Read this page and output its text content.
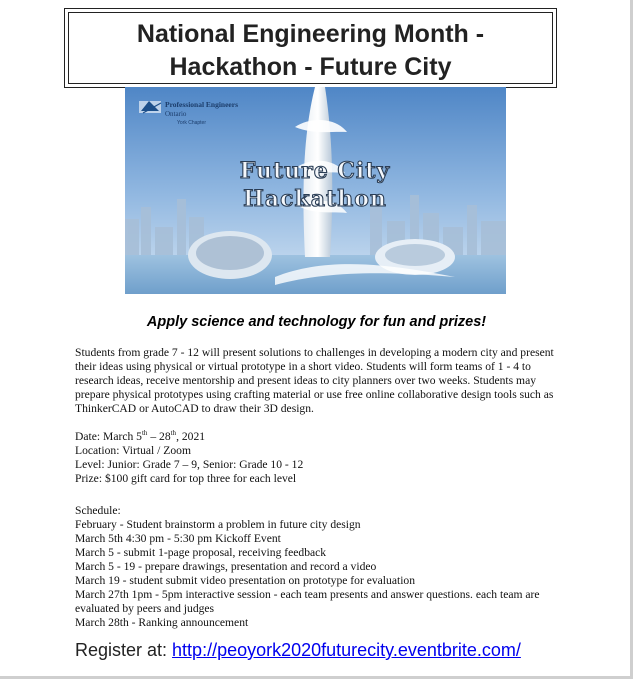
National Engineering Month -
Hackathon - Future City
Professional Engineers
Ontario
York Chapter
Future City
Hackathon
Apply science and technology for fun and prizes!

Students from grade 7 - 12 will present solutions to challenges in developing a modern city and present their ideas using physical or virtual prototype in a short video. Students will form teams of 1 - 4 to research ideas, receive mentorship and present ideas to city planners over two weeks. Students may prepare physical prototypes using crafting material or use free online collaborative design tools such as ThinkerCAD or AutoCAD to draw their 3D design.

Date: March 5th – 28th, 2021
Location: Virtual / Zoom
Level: Junior: Grade 7 – 9, Senior: Grade 10 - 12
Prize: $100 gift card for top three for each level
Schedule:
February - Student brainstorm a problem in future city design
March 5th 4:30 pm - 5:30 pm Kickoff Event
March 5 - submit 1-page proposal, receiving feedback
March 5 - 19 - prepare drawings, presentation and record a video
March 19 - student submit video presentation on prototype for evaluation
March 27th 1pm - 5pm interactive session - each team presents and answer questions. each team are evaluated by peers and judges
March 28th - Ranking announcement
Register at: http://peoyork2020futurecity.eventbrite.com/
